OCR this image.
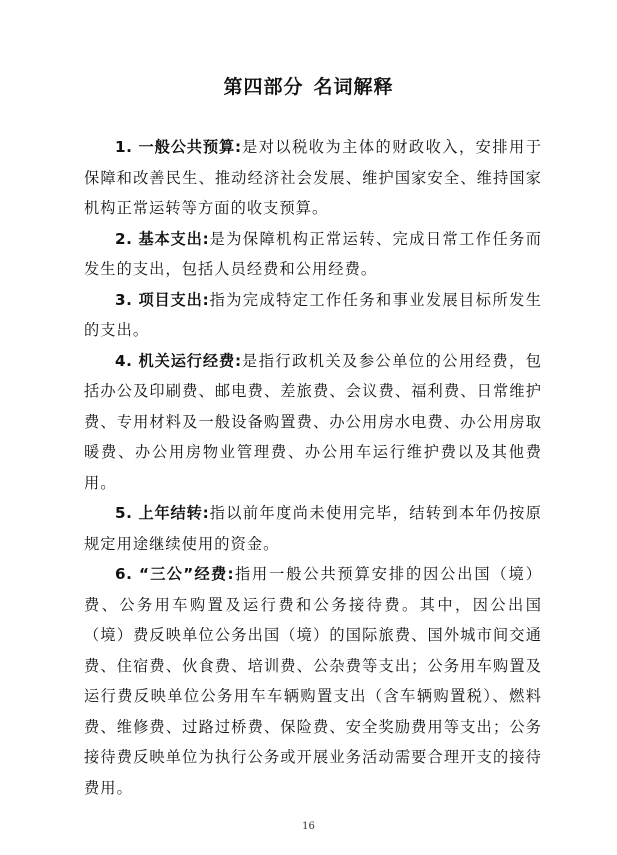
第四部分 名词解释

1. 一般公共预算:是对以税收为主体的财政收入，安排用于保障和改善民生、推动经济社会发展、维护国家安全、维持国家机构正常运转等方面的收支预算。

2. 基本支出:是为保障机构正常运转、完成日常工作任务而发生的支出，包括人员经费和公用经费。

3. 项目支出:指为完成特定工作任务和事业发展目标所发生的支出。

4. 机关运行经费:是指行政机关及参公单位的公用经费，包括办公及印刷费、邮电费、差旅费、会议费、福利费、日常维护费、专用材料及一般设备购置费、办公用房水电费、办公用房取暖费、办公用房物业管理费、办公用车运行维护费以及其他费用。

5. 上年结转:指以前年度尚未使用完毕，结转到本年仍按原规定用途继续使用的资金。

6. “三公”经费:指用一般公共预算安排的因公出国（境）费、公务用车购置及运行费和公务接待费。其中，因公出国（境）费反映单位公务出国（境）的国际旅费、国外城市间交通费、住宿费、伙食费、培训费、公杂费等支出；公务用车购置及运行费反映单位公务用车车辆购置支出（含车辆购置税）、燃料费、维修费、过路过桥费、保险费、安全奖励费用等支出；公务接待费反映单位为执行公务或开展业务活动需要合理开支的接待费用。

16
